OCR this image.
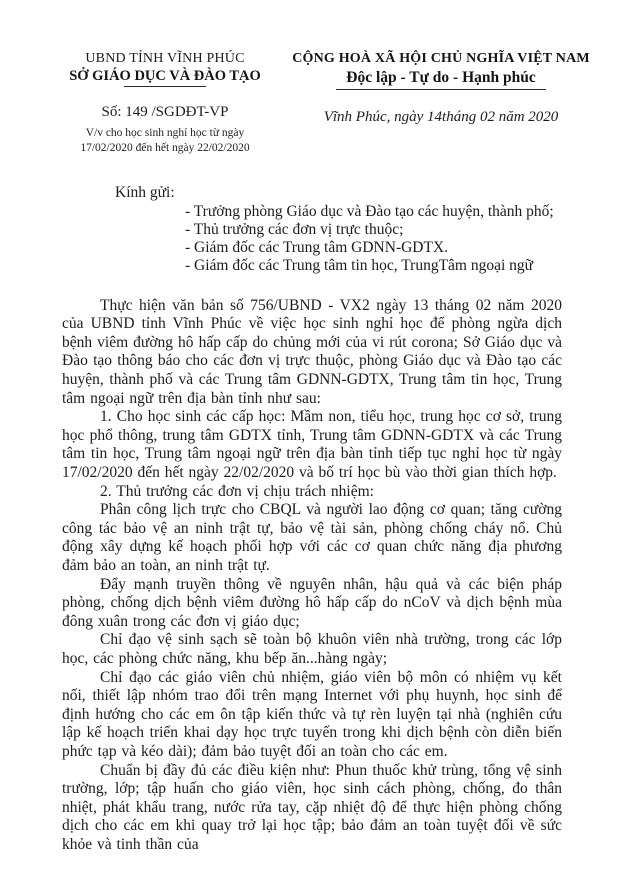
UBND TỈNH VĨNH PHÚC
SỞ GIÁO DỤC VÀ ĐÀO TẠO
Số: 149 /SGDĐT-VP
V/v cho học sinh nghỉ học từ ngày
17/02/2020 đến hết ngày 22/02/2020
CỘNG HOÀ XÃ HỘI CHỦ NGHĨA VIỆT NAM
Độc lập - Tự do - Hạnh phúc
Vĩnh Phúc, ngày 14tháng 02 năm 2020
Kính gửi:
- Trưởng phòng Giáo dục và Đào tạo các huyện, thành phố;
- Thủ trưởng các đơn vị trực thuộc;
- Giám đốc các Trung tâm GDNN-GDTX.
- Giám đốc các Trung tâm tin học, TrungTâm ngoại ngữ

Thực hiện văn bản số 756/UBND - VX2 ngày 13 tháng 02 năm 2020 của UBND tỉnh Vĩnh Phúc về việc học sinh nghỉ học để phòng ngừa dịch bệnh viêm đường hô hấp cấp do chủng mới của vi rút corona; Sở Giáo dục và Đào tạo thông báo cho các đơn vị trực thuộc, phòng Giáo dục và Đào tạo các huyện, thành phố và các Trung tâm GDNN-GDTX, Trung tâm tin học, Trung tâm ngoại ngữ trên địa bàn tỉnh như sau:

1. Cho học sinh các cấp học: Mầm non, tiểu học, trung học cơ sở, trung học phổ thông, trung tâm GDTX tỉnh, Trung tâm GDNN-GDTX và các Trung tâm tin học, Trung tâm ngoại ngữ trên địa bàn tỉnh tiếp tục nghỉ học từ ngày 17/02/2020 đến hết ngày 22/02/2020 và bố trí học bù vào thời gian thích hợp.

2. Thủ trưởng các đơn vị chịu trách nhiệm:

Phân công lịch trực cho CBQL và người lao động cơ quan; tăng cường công tác bảo vệ an ninh trật tự, bảo vệ tài sản, phòng chống cháy nổ. Chủ động xây dựng kế hoạch phối hợp với các cơ quan chức năng địa phương đảm bảo an toàn, an ninh trật tự.

Đẩy mạnh truyền thông về nguyên nhân, hậu quả và các biện pháp phòng, chống dịch bệnh viêm đường hô hấp cấp do nCoV và dịch bệnh mùa đông xuân trong các đơn vị giáo dục;

Chỉ đạo vệ sinh sạch sẽ toàn bộ khuôn viên nhà trường, trong các lớp học, các phòng chức năng, khu bếp ăn...hàng ngày;

Chỉ đạo các giáo viên chủ nhiệm, giáo viên bộ môn có nhiệm vụ kết nối, thiết lập nhóm trao đổi trên mạng Internet với phụ huynh, học sinh để định hướng cho các em ôn tập kiến thức và tự rèn luyện tại nhà (nghiên cứu lập kế hoạch triển khai dạy học trực tuyến trong khi dịch bệnh còn diễn biến phức tạp và kéo dài); đảm bảo tuyệt đối an toàn cho các em.

Chuẩn bị đầy đủ các điều kiện như: Phun thuốc khử trùng, tổng vệ sinh trường, lớp; tập huấn cho giáo viên, học sinh cách phòng, chống, đo thân nhiệt, phát khẩu trang, nước rửa tay, cặp nhiệt độ để thực hiện phòng chống dịch cho các em khi quay trở lại học tập; bảo đảm an toàn tuyệt đối về sức khỏe và tinh thần của
